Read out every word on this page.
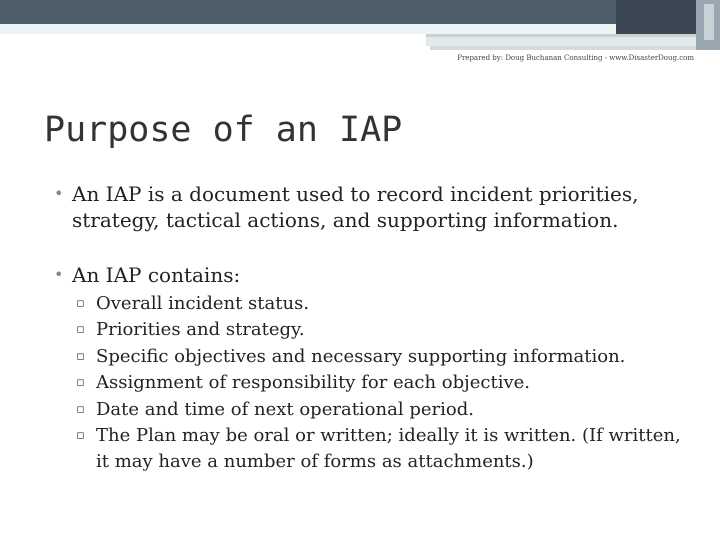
Prepared by: Doug Buchanan Consulting - www.DisasterDoug.com
Purpose of an IAP
• An IAP is a document used to record incident priorities, strategy, tactical actions, and supporting information.
• An IAP contains:
▫ Overall incident status.
▫ Priorities and strategy.
▫ Specific objectives and necessary supporting information.
▫ Assignment of responsibility for each objective.
▫ Date and time of next operational period.
▫ The Plan may be oral or written; ideally it is written. (If written, it may have a number of forms as attachments.)
